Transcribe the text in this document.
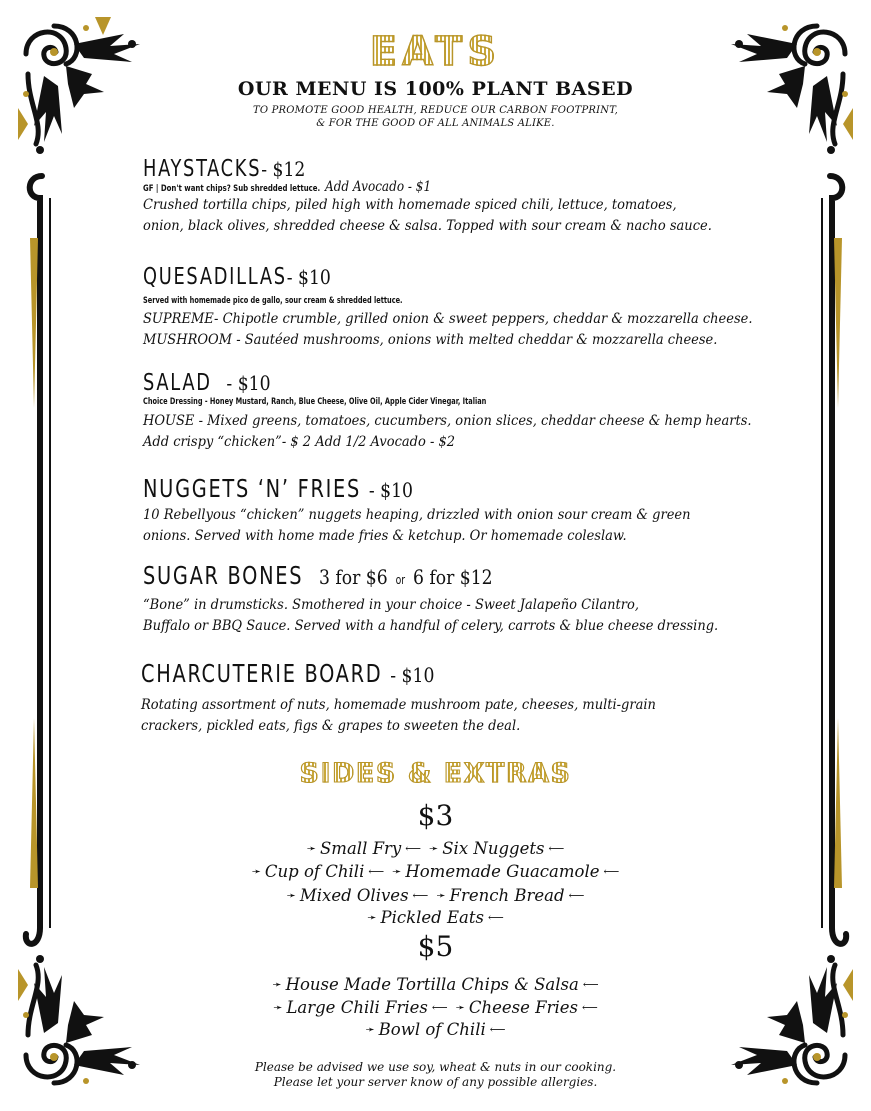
EATS
OUR MENU IS 100% PLANT BASED
TO PROMOTE GOOD HEALTH, REDUCE OUR CARBON FOOTPRINT,
& FOR THE GOOD OF ALL ANIMALS ALIKE.
HAYSTACKS- $12
GF | Don't want chips? Sub shredded lettuce. Add Avocado - $1
Crushed tortilla chips, piled high with homemade spiced chili, lettuce, tomatoes,
onion, black olives, shredded cheese & salsa. Topped with sour cream & nacho sauce.
QUESADILLAS- $10
Served with homemade pico de gallo, sour cream & shredded lettuce.
SUPREME- Chipotle crumble, grilled onion & sweet peppers, cheddar & mozzarella cheese.
MUSHROOM - Sautéed mushrooms, onions with melted cheddar & mozzarella cheese.
SALAD - $10
Choice Dressing - Honey Mustard, Ranch, Blue Cheese, Olive Oil, Apple Cider Vinegar, Italian
HOUSE - Mixed greens, tomatoes, cucumbers, onion slices, cheddar cheese & hemp hearts.
Add crispy “chicken”- $ 2 Add 1/2 Avocado - $2
NUGGETS ‘N’ FRIES - $10
10 Rebellyous “chicken” nuggets heaping, drizzled with onion sour cream & green
onions. Served with home made fries & ketchup. Or homemade coleslaw.
SUGAR BONES 3 for $6 or 6 for $12
“Bone” in drumsticks. Smothered in your choice - Sweet Jalapeño Cilantro,
Buffalo or BBQ Sauce. Served with a handful of celery, carrots & blue cheese dressing.
CHARCUTERIE BOARD - $10
Rotating assortment of nuts, homemade mushroom pate, cheeses, multi-grain
crackers, pickled eats, figs & grapes to sweeten the deal.
SIDES & EXTRAS
$3
➛ Small Fry ⟵ ➛ Six Nuggets ⟵
➛ Cup of Chili ⟵ ➛ Homemade Guacamole ⟵
➛ Mixed Olives ⟵ ➛ French Bread ⟵
➛ Pickled Eats ⟵
$5
➛ House Made Tortilla Chips & Salsa ⟵
➛ Large Chili Fries ⟵ ➛ Cheese Fries ⟵
➛ Bowl of Chili ⟵
Please be advised we use soy, wheat & nuts in our cooking.
Please let your server know of any possible allergies.
